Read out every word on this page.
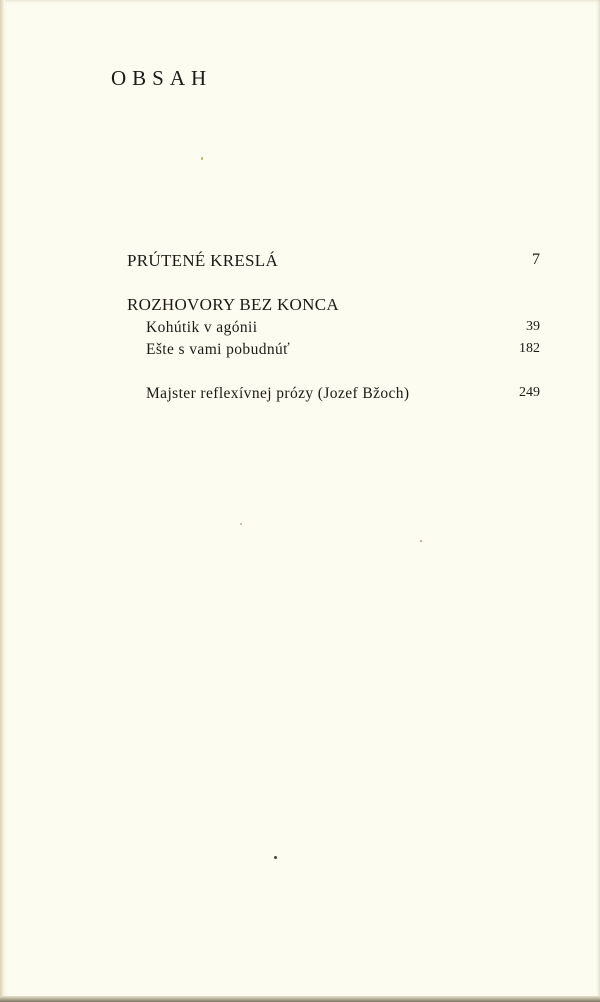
OBSAH
PRÚTENÉ KRESLÁ	7
ROZHOVORY BEZ KONCA
Kohútik v agónii	39
Ešte s vami pobudnúť	182
Majster reflexívnej prózy (Jozef Bžoch)	249
